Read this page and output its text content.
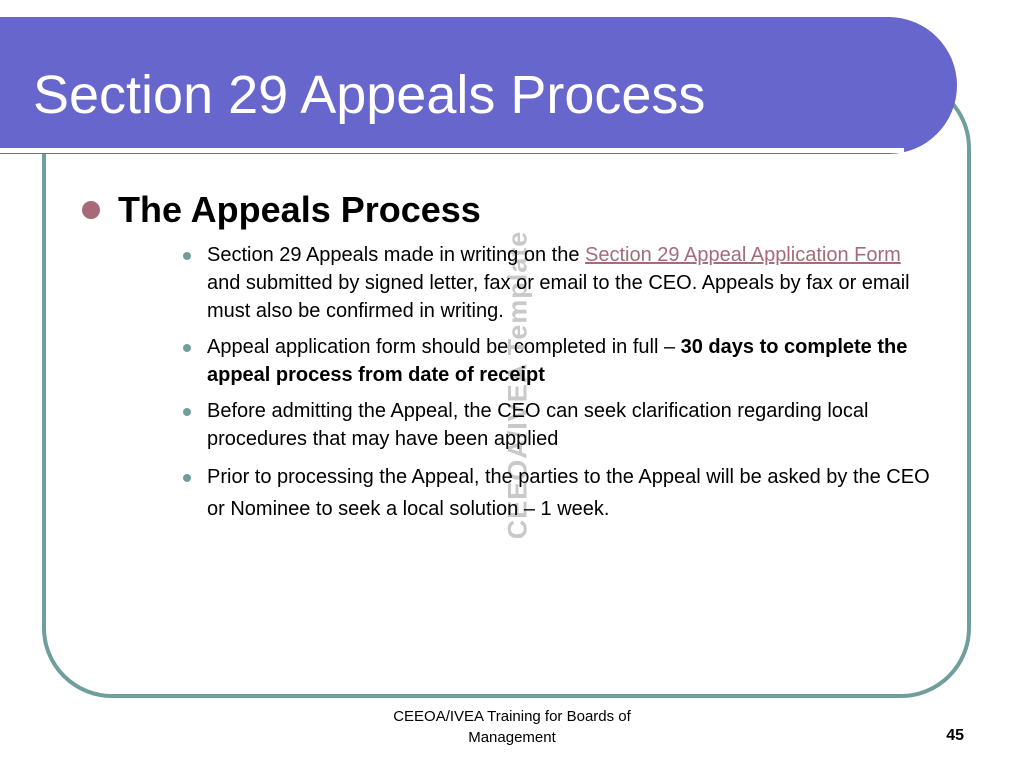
Section 29 Appeals Process
CEEOA/IVEA Template
The Appeals Process
Section 29 Appeals made in writing on the Section 29 Appeal Application Form and submitted by signed letter, fax or email to the CEO. Appeals by fax or email must also be confirmed in writing.
Appeal application form should be completed in full – 30 days to complete the appeal process from date of receipt
Before admitting the Appeal, the CEO can seek clarification regarding local procedures that may have been applied
Prior to processing the Appeal, the parties to the Appeal will be asked by the CEO or Nominee to seek a local solution – 1 week.
CEEOA/IVEA Training for Boards of
Management	45
